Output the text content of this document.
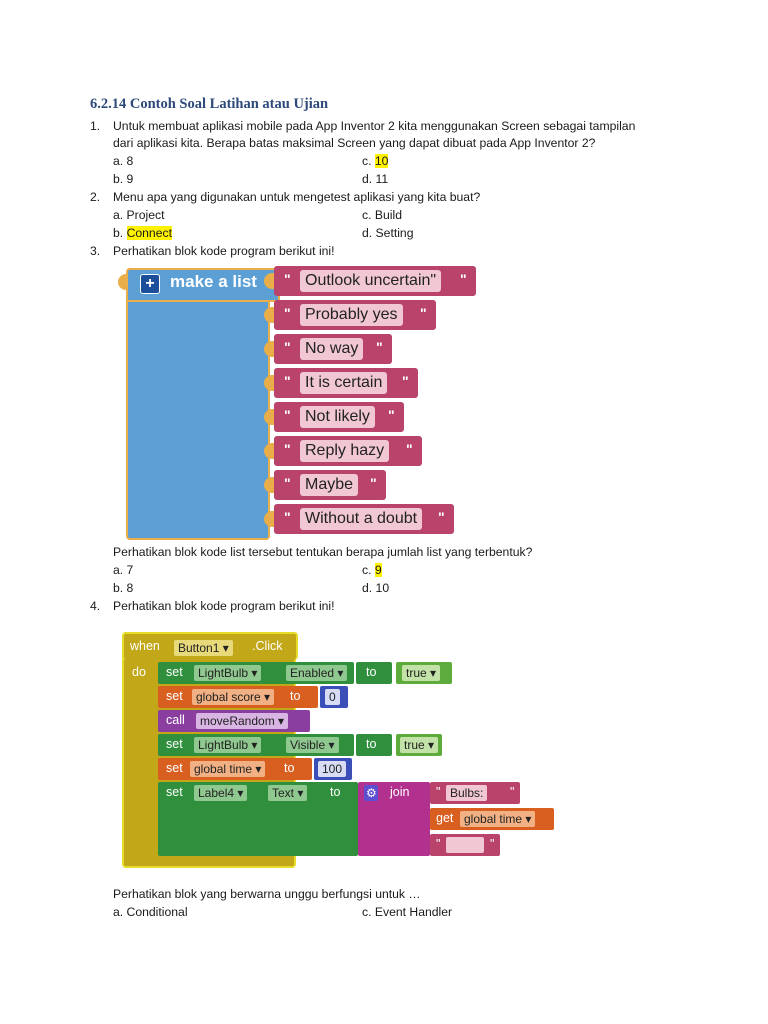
6.2.14 Contoh Soal Latihan atau Ujian
1. Untuk membuat aplikasi mobile pada App Inventor 2 kita menggunakan Screen sebagai tampilan
dari aplikasi kita. Berapa batas maksimal Screen yang dapat dibuat pada App Inventor 2?
a. 8	c. 10
b. 9	d. 11
2. Menu apa yang digunakan untuk mengetest aplikasi yang kita buat?
a. Project	c. Build
b. Connect	d. Setting
3. Perhatikan blok kode program berikut ini!
+ make a list " Outlook uncertain"	"
" Probably yes	"
" No way	"
" It is certain	"
" Not likely	"
" Reply hazy	"
" Maybe	"
" Without a doubt	"
Perhatikan blok kode list tersebut tentukan berapa jumlah list yang terbentuk?
a. 7	c. 9
b. 8	d. 10
4. Perhatikan blok kode program berikut ini!
when	Button1 ▾	.Click
do set	LightBulb ▾	Enabled ▾	to	true ▾
set	global score ▾	to	0
call	moveRandom ▾
set	LightBulb ▾	Visible ▾	to	true ▾
set global time ▾	to	100
set	Label4 ▾	Text ▾	to ⚙ join " Bulbs:	"
get global time ▾
"	"
Perhatikan blok yang berwarna unggu berfungsi untuk …
a. Conditional	c. Event Handler
